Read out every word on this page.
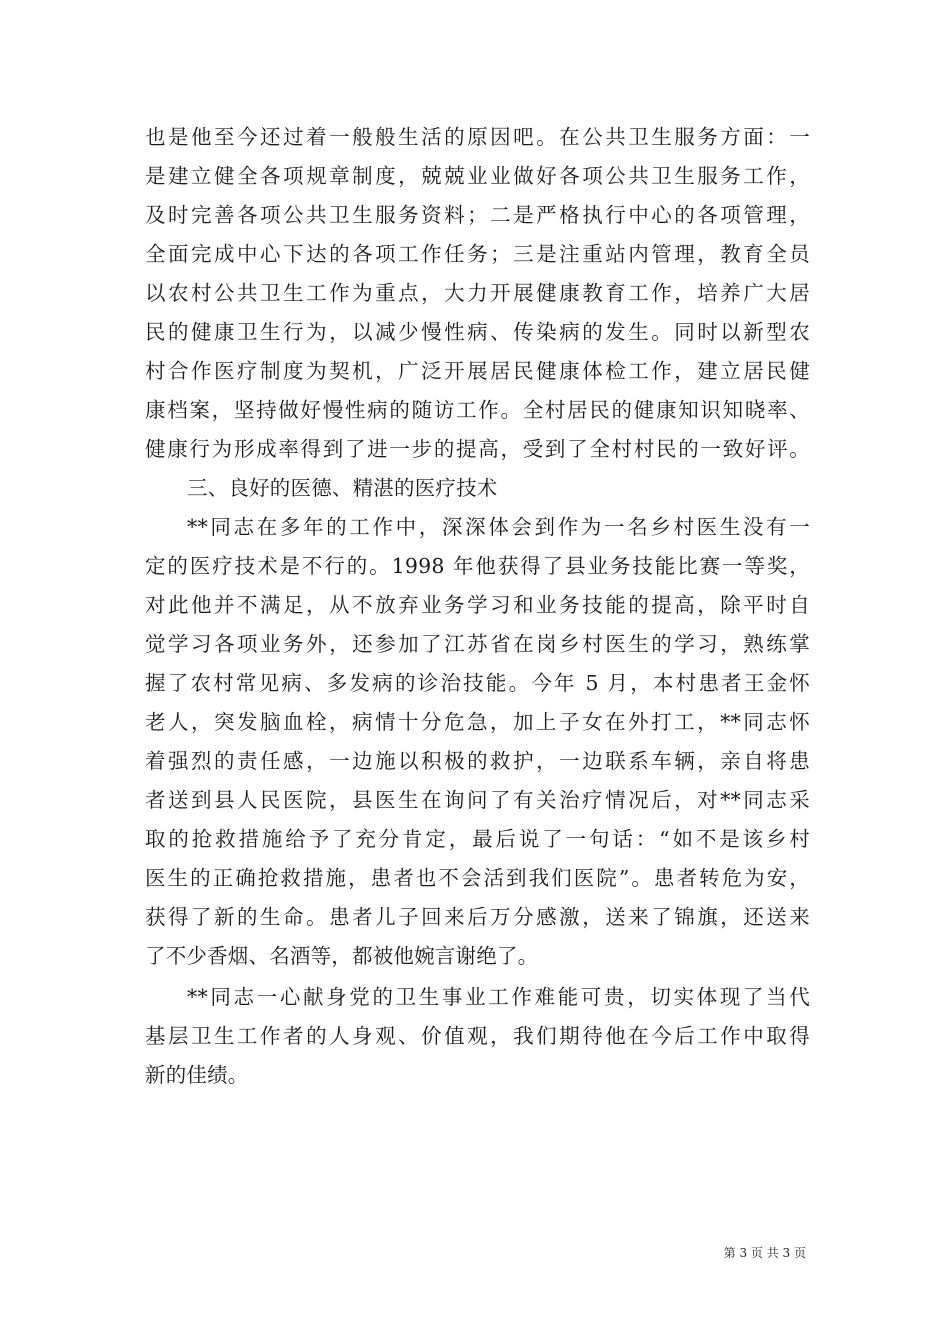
也是他至今还过着一般般生活的原因吧。在公共卫生服务方面：一
是建立健全各项规章制度，兢兢业业做好各项公共卫生服务工作，
及时完善各项公共卫生服务资料；二是严格执行中心的各项管理，
全面完成中心下达的各项工作任务；三是注重站内管理，教育全员
以农村公共卫生工作为重点，大力开展健康教育工作，培养广大居
民的健康卫生行为，以减少慢性病、传染病的发生。同时以新型农
村合作医疗制度为契机，广泛开展居民健康体检工作，建立居民健
康档案，坚持做好慢性病的随访工作。全村居民的健康知识知晓率、
健康行为形成率得到了进一步的提高，受到了全村村民的一致好评。
三、良好的医德、精湛的医疗技术
**同志在多年的工作中，深深体会到作为一名乡村医生没有一
定的医疗技术是不行的。1998 年他获得了县业务技能比赛一等奖，
对此他并不满足，从不放弃业务学习和业务技能的提高，除平时自
觉学习各项业务外，还参加了江苏省在岗乡村医生的学习，熟练掌
握了农村常见病、多发病的诊治技能。今年 5 月，本村患者王金怀
老人，突发脑血栓，病情十分危急，加上子女在外打工，**同志怀
着强烈的责任感，一边施以积极的救护，一边联系车辆，亲自将患
者送到县人民医院，县医生在询问了有关治疗情况后，对**同志采
取的抢救措施给予了充分肯定，最后说了一句话：“如不是该乡村
医生的正确抢救措施，患者也不会活到我们医院”。患者转危为安，
获得了新的生命。患者儿子回来后万分感激，送来了锦旗，还送来
了不少香烟、名酒等，都被他婉言谢绝了。
**同志一心献身党的卫生事业工作难能可贵，切实体现了当代
基层卫生工作者的人身观、价值观，我们期待他在今后工作中取得
新的佳绩。
第 3 页 共 3 页
